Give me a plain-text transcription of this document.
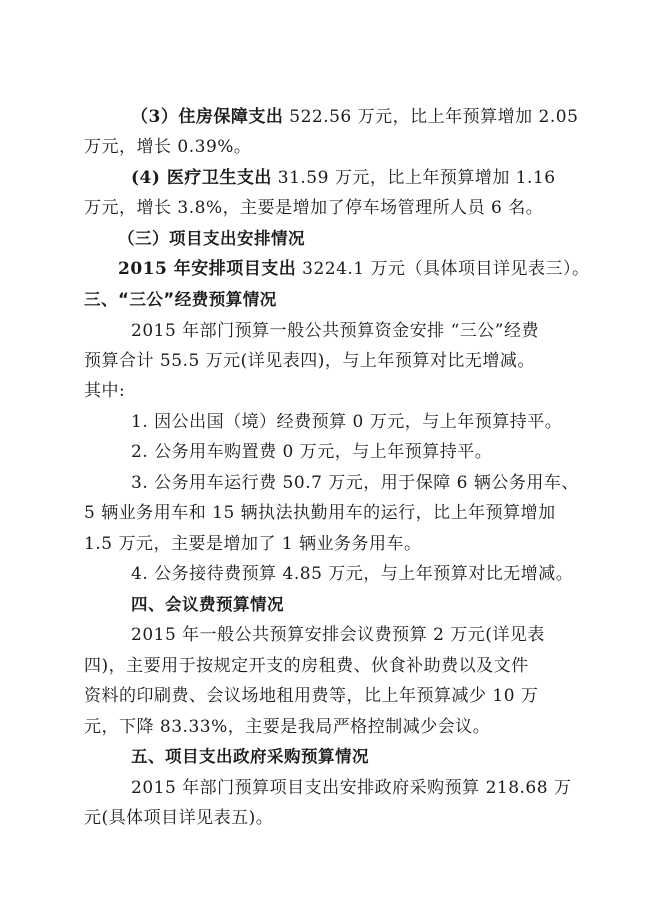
（3）住房保障支出 522.56 万元，比上年预算增加 2.05
万元，增长 0.39%。
(4) 医疗卫生支出 31.59 万元，比上年预算增加 1.16
万元，增长 3.8%，主要是增加了停车场管理所人员 6 名。
（三）项目支出安排情况
2015 年安排项目支出 3224.1 万元（具体项目详见表三）。
三、“三公”经费预算情况
2015 年部门预算一般公共预算资金安排 “三公”经费
预算合计 55.5 万元(详见表四)，与上年预算对比无增减。
其中:
1. 因公出国（境）经费预算 0 万元，与上年预算持平。
2. 公务用车购置费 0 万元，与上年预算持平。
3. 公务用车运行费 50.7 万元，用于保障 6 辆公务用车、
5 辆业务用车和 15 辆执法执勤用车的运行，比上年预算增加
1.5 万元，主要是增加了 1 辆业务务用车。
4. 公务接待费预算 4.85 万元，与上年预算对比无增减。
四、会议费预算情况
2015 年一般公共预算安排会议费预算 2 万元(详见表
四)，主要用于按规定开支的房租费、伙食补助费以及文件
资料的印刷费、会议场地租用费等，比上年预算减少 10 万
元，下降 83.33%，主要是我局严格控制减少会议。
五、项目支出政府采购预算情况
2015 年部门预算项目支出安排政府采购预算 218.68 万
元(具体项目详见表五)。
